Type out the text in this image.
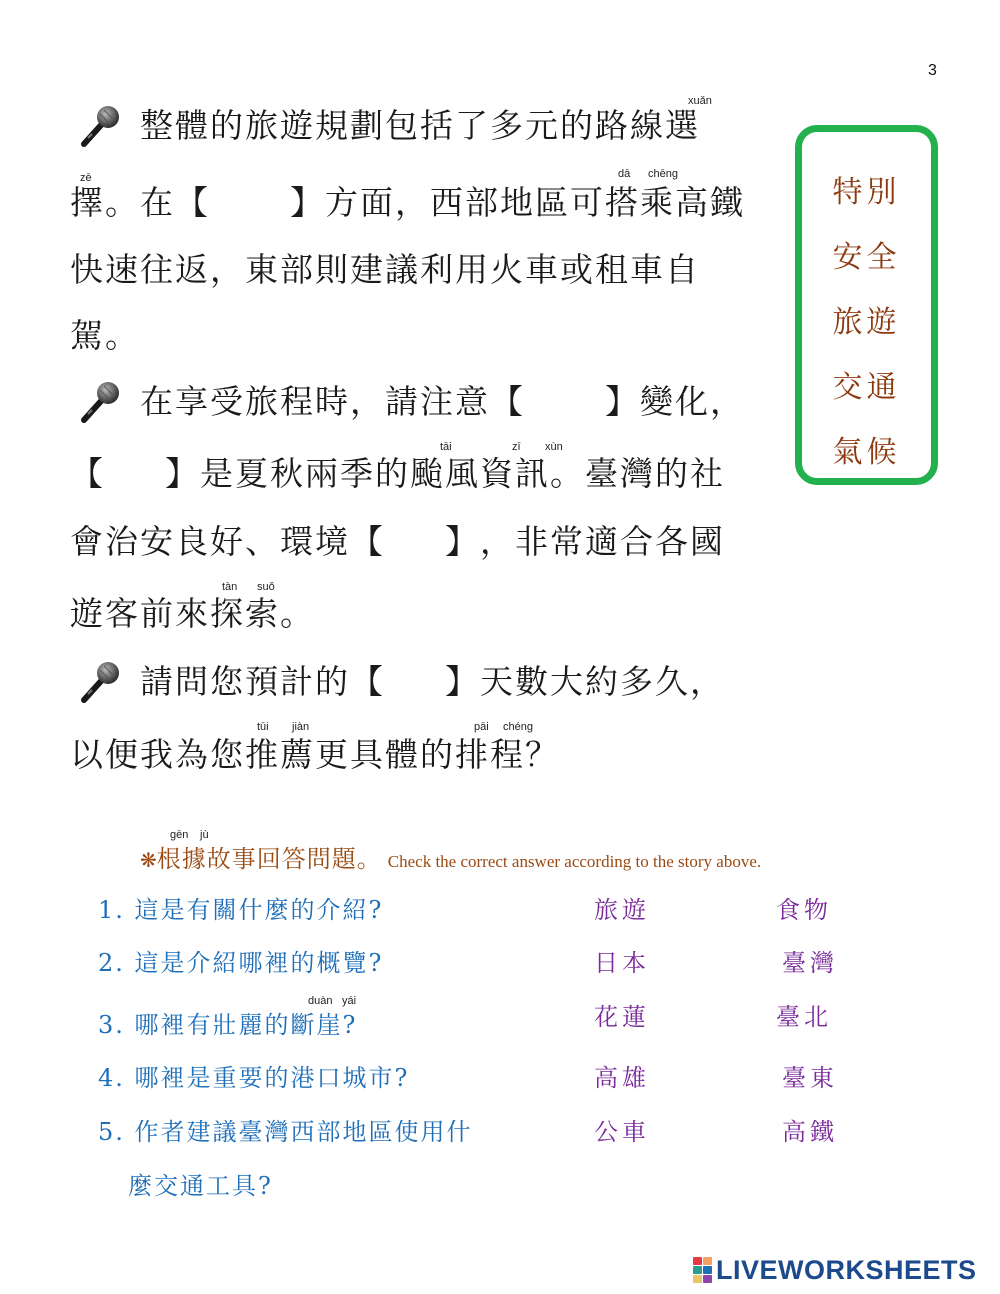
3
整體的旅遊規劃包括了多元的路線選
xuǎn
擇。在【 】方面，西部地區可搭乘高鐵
zē	dā chēng
快速往返，東部則建議利用火車或租車自
駕。
在享受旅程時，請注意【 】變化，
【 】是夏秋兩季的颱風資訊。臺灣的社
tāi	zī xùn
會治安良好、環境【 】，非常適合各國
遊客前來探索。
tàn suǒ
請問您預計的【 】天數大約多久，
以便我為您推薦更具體的排程？
tūi jiàn	pāi chéng
特別
安全
旅遊
交通
氣候
❋根據故事回答問題。 Check the correct answer according to the story above.
gēn jù
1. 這是有關什麼的介紹?	旅遊	食物
2. 這是介紹哪裡的概覽?	日本	臺灣
3. 哪裡有壯麗的斷崖?
duàn yái
花蓮	臺北
4. 哪裡是重要的港口城市?	高雄	臺東
5. 作者建議臺灣西部地區使用什
麼交通工具?
公車	高鐵
LIVEWORKSHEETS
